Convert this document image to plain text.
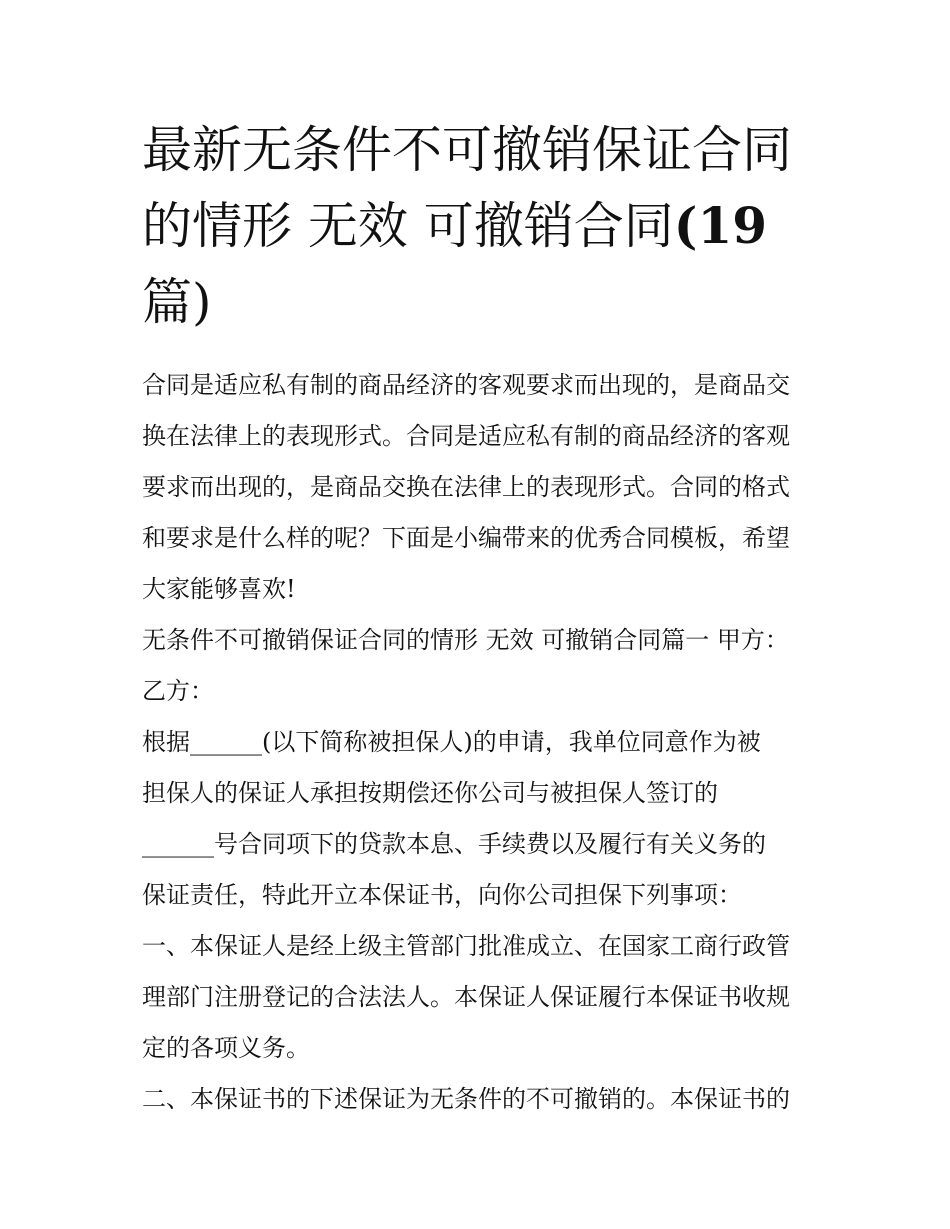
最新无条件不可撤销保证合同
的情形 无效 可撤销合同(19
篇)
合同是适应私有制的商品经济的客观要求而出现的，是商品交
换在法律上的表现形式。合同是适应私有制的商品经济的客观
要求而出现的，是商品交换在法律上的表现形式。合同的格式
和要求是什么样的呢？下面是小编带来的优秀合同模板，希望
大家能够喜欢!
无条件不可撤销保证合同的情形 无效 可撤销合同篇一 甲方：
乙方：
根据______(以下简称被担保人)的申请，我单位同意作为被
担保人的保证人承担按期偿还你公司与被担保人签订的
______号合同项下的贷款本息、手续费以及履行有关义务的
保证责任，特此开立本保证书，向你公司担保下列事项：
一、本保证人是经上级主管部门批准成立、在国家工商行政管
理部门注册登记的合法法人。本保证人保证履行本保证书收规
定的各项义务。
二、本保证书的下述保证为无条件的不可撤销的。本保证书的
